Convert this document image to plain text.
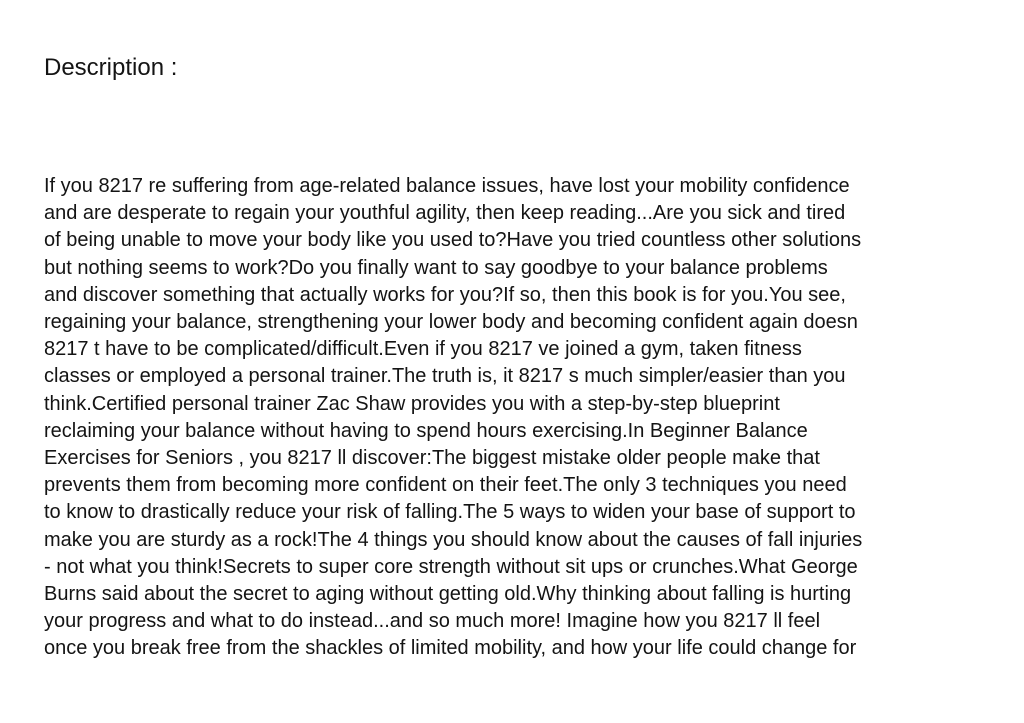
Description :
If you 8217 re suffering from age-related balance issues, have lost your mobility confidence
and are desperate to regain your youthful agility, then keep reading...Are you sick and tired
of being unable to move your body like you used to?Have you tried countless other solutions
but nothing seems to work?Do you finally want to say goodbye to your balance problems
and discover something that actually works for you?If so, then this book is for you.You see,
regaining your balance, strengthening your lower body and becoming confident again doesn
8217 t have to be complicated/difficult.Even if you 8217 ve joined a gym, taken fitness
classes or employed a personal trainer.The truth is, it 8217 s much simpler/easier than you
think.Certified personal trainer Zac Shaw provides you with a step-by-step blueprint
reclaiming your balance without having to spend hours exercising.In Beginner Balance
Exercises for Seniors , you 8217 ll discover:The biggest mistake older people make that
prevents them from becoming more confident on their feet.The only 3 techniques you need
to know to drastically reduce your risk of falling.The 5 ways to widen your base of support to
make you are sturdy as a rock!The 4 things you should know about the causes of fall injuries
- not what you think!Secrets to super core strength without sit ups or crunches.What George
Burns said about the secret to aging without getting old.Why thinking about falling is hurting
your progress and what to do instead...and so much more! Imagine how you 8217 ll feel
once you break free from the shackles of limited mobility, and how your life could change for
